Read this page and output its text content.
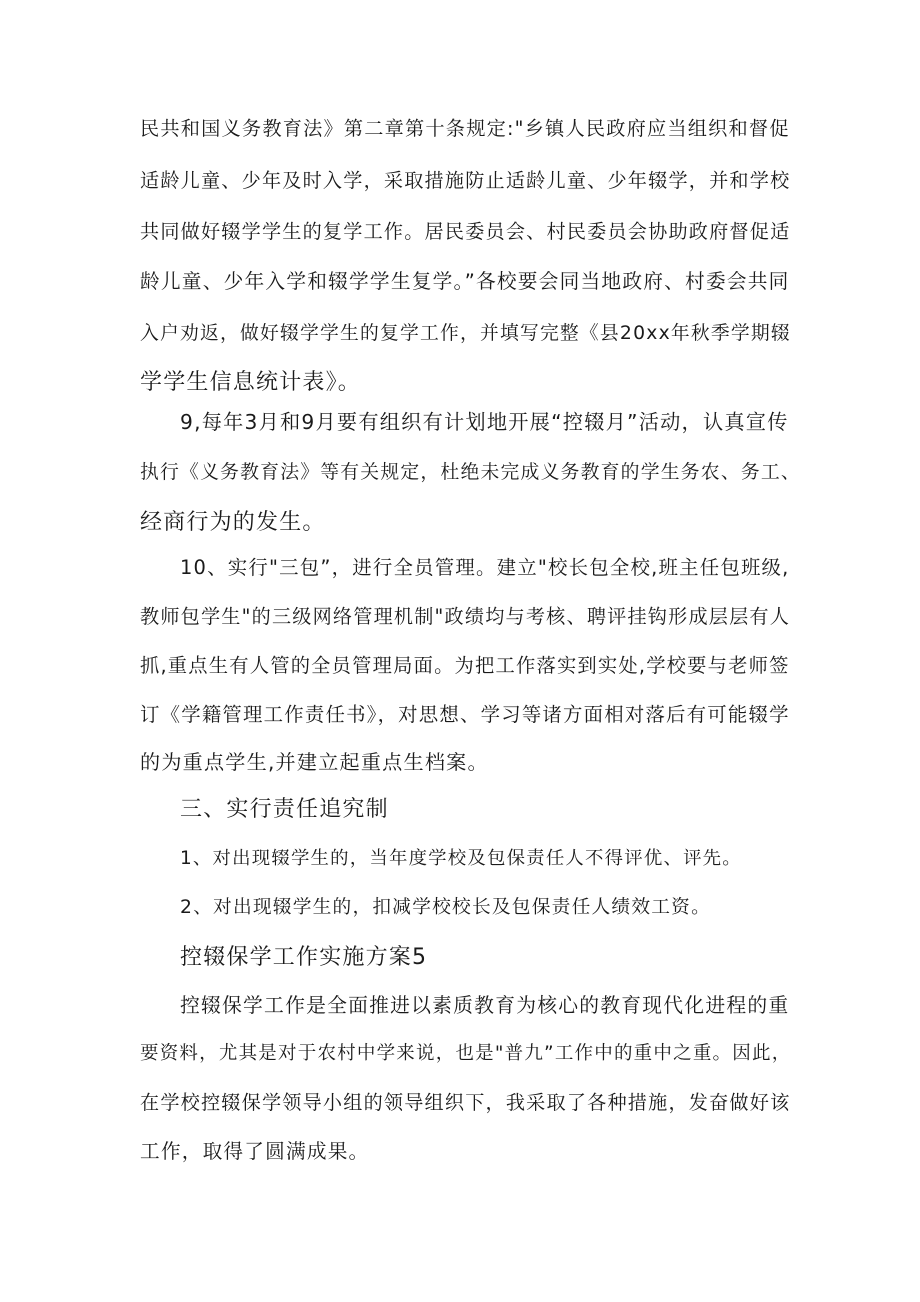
民共和国义务教育法》第二章第十条规定:"乡镇人民政府应当组织和督促
适龄儿童、少年及时入学，采取措施防止适龄儿童、少年辍学，并和学校
共同做好辍学学生的复学工作。居民委员会、村民委员会协助政府督促适
龄儿童、少年入学和辍学学生复学。”各校要会同当地政府、村委会共同
入户劝返，做好辍学学生的复学工作，并填写完整《县20xx年秋季学期辍
学学生信息统计表》。
9,每年3月和9月要有组织有计划地开展“控辍月”活动，认真宣传
执行《义务教育法》等有关规定，杜绝未完成义务教育的学生务农、务工、
经商行为的发生。
10、实行"三包”，进行全员管理。建立"校长包全校,班主任包班级,
教师包学生"的三级网络管理机制"政绩均与考核、聘评挂钩形成层层有人
抓,重点生有人管的全员管理局面。为把工作落实到实处,学校要与老师签
订《学籍管理工作责任书》，对思想、学习等诸方面相对落后有可能辍学
的为重点学生,并建立起重点生档案。
三、实行责任追究制
1、对出现辍学生的，当年度学校及包保责任人不得评优、评先。
2、对出现辍学生的，扣减学校校长及包保责任人绩效工资。
控辍保学工作实施方案5
控辍保学工作是全面推进以素质教育为核心的教育现代化进程的重
要资料，尤其是对于农村中学来说，也是"普九”工作中的重中之重。因此，
在学校控辍保学领导小组的领导组织下，我采取了各种措施，发奋做好该
工作，取得了圆满成果。
